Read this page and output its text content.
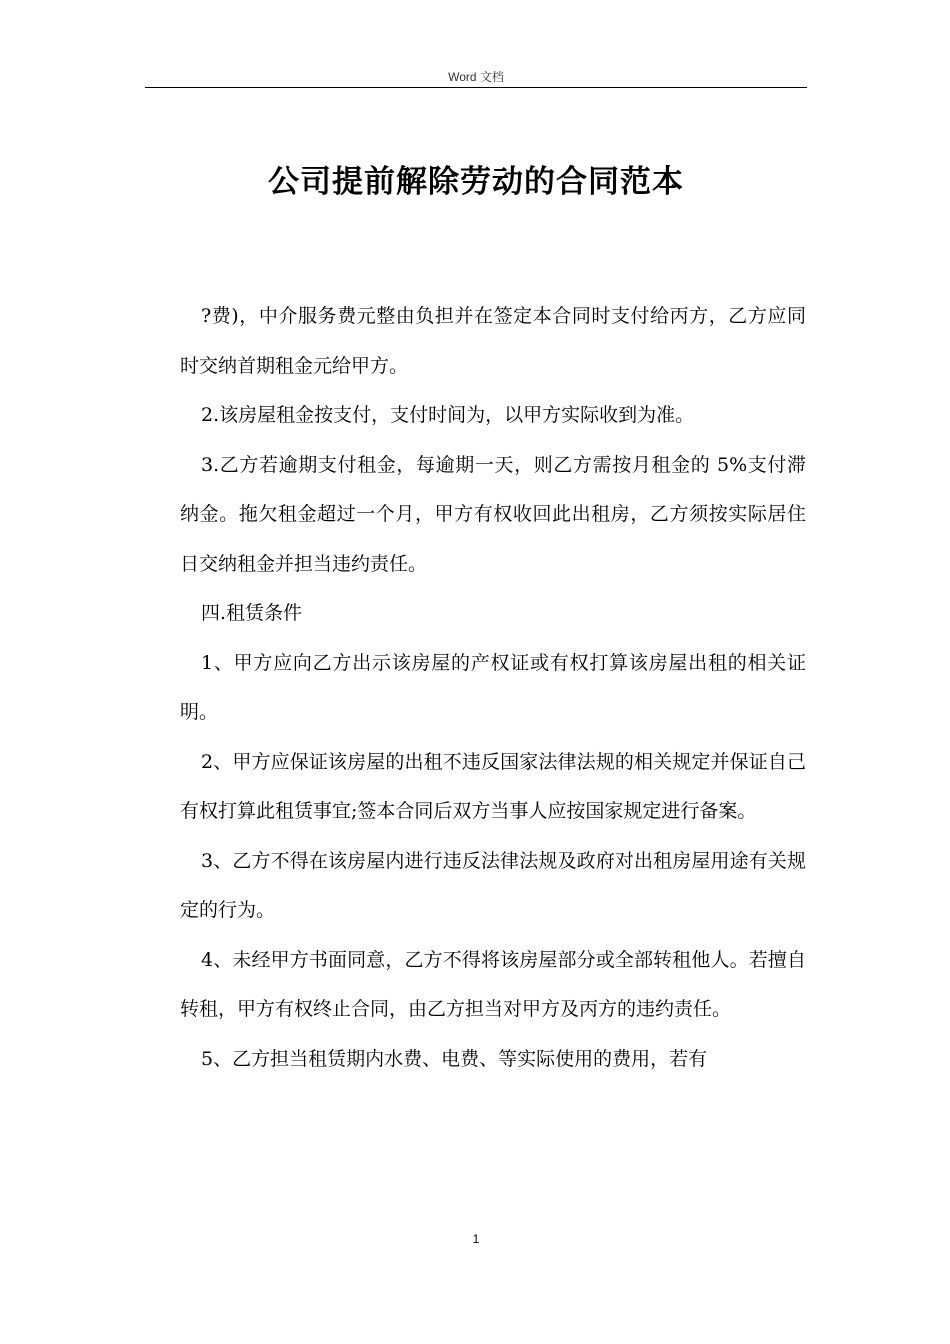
Word 文档
公司提前解除劳动的合同范本

?费)，中介服务费元整由负担并在签定本合同时支付给丙方，乙方应同时交纳首期租金元给甲方。

2.该房屋租金按支付，支付时间为，以甲方实际收到为准。

3.乙方若逾期支付租金，每逾期一天，则乙方需按月租金的 5%支付滞纳金。拖欠租金超过一个月，甲方有权收回此出租房，乙方须按实际居住日交纳租金并担当违约责任。

四.租赁条件

1、甲方应向乙方出示该房屋的产权证或有权打算该房屋出租的相关证明。

2、甲方应保证该房屋的出租不违反国家法律法规的相关规定并保证自己有权打算此租赁事宜;签本合同后双方当事人应按国家规定进行备案。

3、乙方不得在该房屋内进行违反法律法规及政府对出租房屋用途有关规定的行为。

4、未经甲方书面同意，乙方不得将该房屋部分或全部转租他人。若擅自转租，甲方有权终止合同，由乙方担当对甲方及丙方的违约责任。

5、乙方担当租赁期内水费、电费、等实际使用的费用，若有

1
